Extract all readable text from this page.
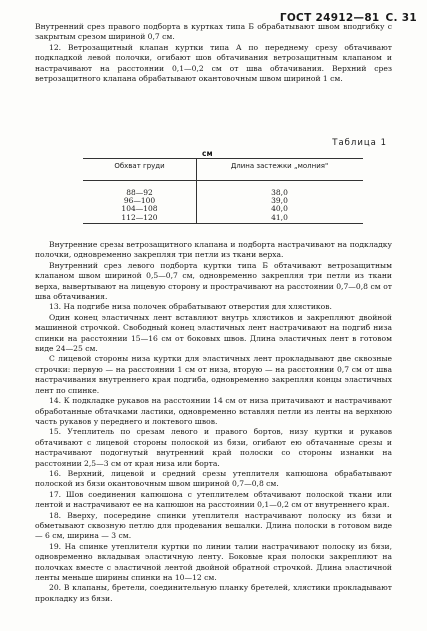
ГОСТ 24912—81 С. 31

Внутренний срез правого подборта в куртках типа Б обрабатывают швом вподгибку с закрытым срезом шириной 0,7 см.

12. Ветрозащитный клапан куртки типа А по переднему срезу обтачивают подкладкой левой полочки, огибают шов обтачивания ветрозащитным клапаном и настрачивают на расстоянии 0,1—0,2 см от шва обтачивания. Верхний срез ветрозащитного клапана обрабатывают окантовочным швом шириной 1 см.

Таблица 1
см
Обхват груди	Длина застежки „молния"
88—92
96—100
104—108
112—120
38,0
39,0
40,0
41,0

Внутренние срезы ветрозащитного клапана и подборта настрачивают на подкладку полочки, одновременно закрепляя три петли из ткани верха.

Внутренний срез левого подборта куртки типа Б обтачивают ветрозащитным клапаном швом шириной 0,5—0,7 см, одновременно закрепляя три петли из ткани верха, вывертывают на лицевую сторону и прострачивают на расстоянии 0,7—0,8 см от шва обтачивания.

13. На подгибе низа полочек обрабатывают отверстия для хлястиков.

Один конец эластичных лент вставляют внутрь хлястиков и закрепляют двойной машинной строчкой. Свободный конец эластичных лент настрачивают на подгиб низа спинки на расстоянии 15—16 см от боковых швов. Длина эластичных лент в готовом виде 24—25 см.

С лицевой стороны низа куртки для эластичных лент прокладывают две сквозные строчки: первую — на расстоянии 1 см от низа, вторую — на расстоянии 0,7 см от шва настрачивания внутреннего края подгиба, одновременно закрепляя концы эластичных лент по спинке.

14. К подкладке рукавов на расстоянии 14 см от низа притачивают и настрачивают обработанные обтачками ластики, одновременно вставляя петли из ленты на верхнюю часть рукавов у переднего и локтевого швов.

15. Утеплитель по срезам левого и правого бортов, низу куртки и рукавов обтачивают с лицевой стороны полоской из бязи, огибают ею обтачанные срезы и настрачивают подогнутый внутренний край полоски со стороны изнанки на расстоянии 2,5—3 см от края низа или борта.

16. Верхний, лицевой и средний срезы утеплителя капюшона обрабатывают полоской из бязи окантовочным швом шириной 0,7—0,8 см.

17. Шов соединения капюшона с утеплителем обтачивают полоской ткани или лентой и настрачивают ее на капюшон на расстоянии 0,1—0,2 см от внутреннего края.

18. Вверху, посередине спинки утеплителя настрачивают полоску из бязи и обметывают сквозную петлю для продевания вешалки. Длина полоски в готовом виде — 6 см, ширина — 3 см.

19. На спинке утеплителя куртки по линии талии настрачивают полоску из бязи, одновременно вкладывая эластичную ленту. Боковые края полоски закрепляют на полочках вместе с эластичной лентой двойной обратной строчкой. Длина эластичной ленты меньше ширины спинки на 10—12 см.

20. В клапаны, бретели, соединительную планку бретелей, хлястики прокладывают прокладку из бязи.
